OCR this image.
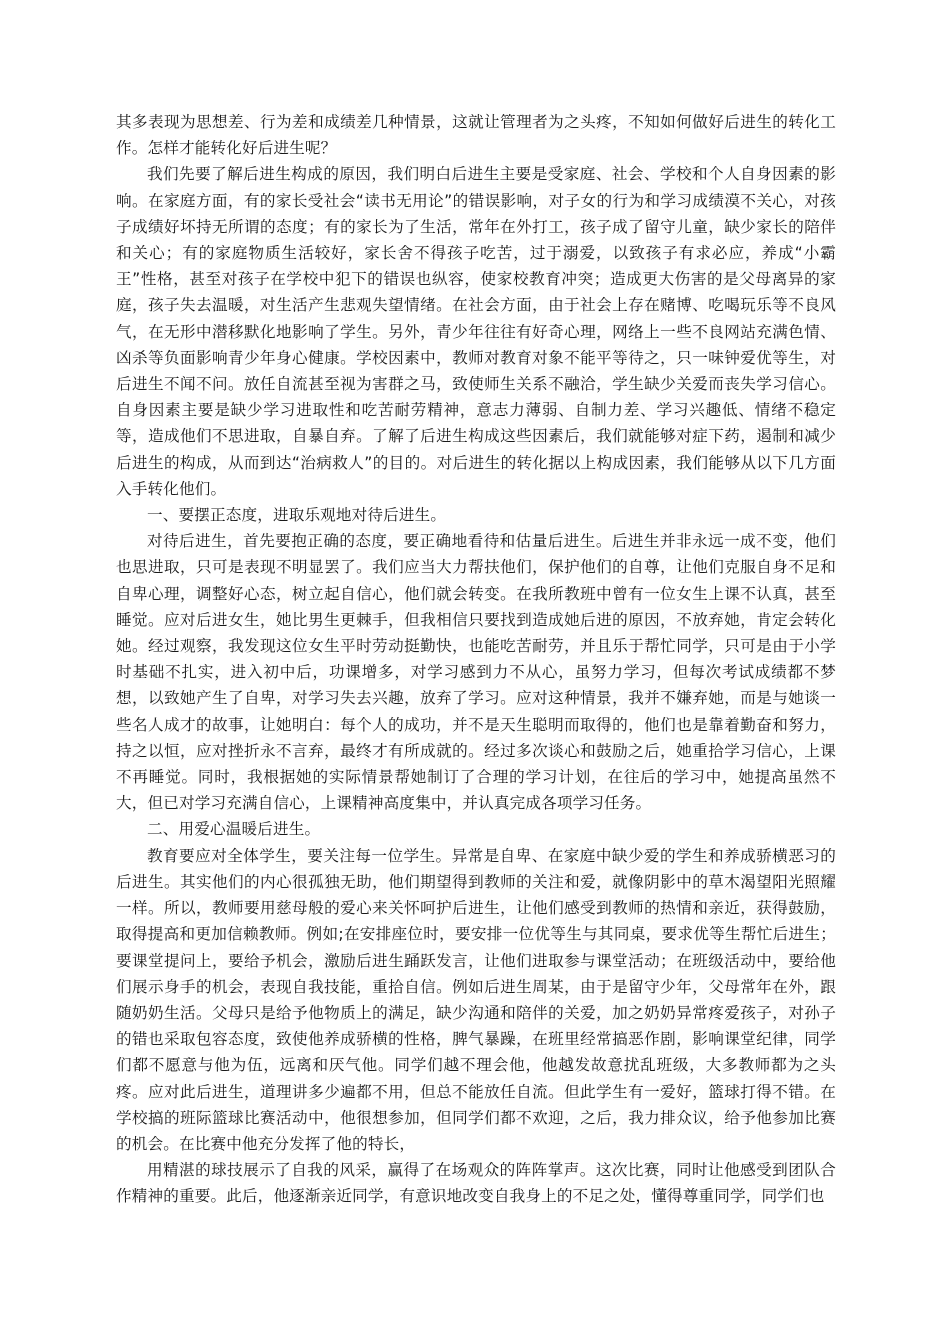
其多表现为思想差、行为差和成绩差几种情景，这就让管理者为之头疼，不知如何做好后进生的转化工作。怎样才能转化好后进生呢？

我们先要了解后进生构成的原因，我们明白后进生主要是受家庭、社会、学校和个人自身因素的影响。在家庭方面，有的家长受社会“读书无用论”的错误影响，对子女的行为和学习成绩漠不关心，对孩子成绩好坏持无所谓的态度；有的家长为了生活，常年在外打工，孩子成了留守儿童，缺少家长的陪伴和关心；有的家庭物质生活较好，家长舍不得孩子吃苦，过于溺爱，以致孩子有求必应，养成“小霸王”性格，甚至对孩子在学校中犯下的错误也纵容，使家校教育冲突；造成更大伤害的是父母离异的家庭，孩子失去温暖，对生活产生悲观失望情绪。在社会方面，由于社会上存在赌博、吃喝玩乐等不良风气，在无形中潜移默化地影响了学生。另外，青少年往往有好奇心理，网络上一些不良网站充满色情、凶杀等负面影响青少年身心健康。学校因素中，教师对教育对象不能平等待之，只一味钟爱优等生，对后进生不闻不问。放任自流甚至视为害群之马，致使师生关系不融洽，学生缺少关爱而丧失学习信心。自身因素主要是缺少学习进取性和吃苦耐劳精神，意志力薄弱、自制力差、学习兴趣低、情绪不稳定等，造成他们不思进取，自暴自弃。了解了后进生构成这些因素后，我们就能够对症下药，遏制和减少后进生的构成，从而到达“治病救人”的目的。对后进生的转化据以上构成因素，我们能够从以下几方面入手转化他们。

一、要摆正态度，进取乐观地对待后进生。

对待后进生，首先要抱正确的态度，要正确地看待和估量后进生。后进生并非永远一成不变，他们也思进取，只可是表现不明显罢了。我们应当大力帮扶他们，保护他们的自尊，让他们克服自身不足和自卑心理，调整好心态，树立起自信心，他们就会转变。在我所教班中曾有一位女生上课不认真，甚至睡觉。应对后进女生，她比男生更棘手，但我相信只要找到造成她后进的原因，不放弃她，肯定会转化她。经过观察，我发现这位女生平时劳动挺勤快，也能吃苦耐劳，并且乐于帮忙同学，只可是由于小学时基础不扎实，进入初中后，功课增多，对学习感到力不从心，虽努力学习，但每次考试成绩都不梦想，以致她产生了自卑，对学习失去兴趣，放弃了学习。应对这种情景，我并不嫌弃她，而是与她谈一些名人成才的故事，让她明白：每个人的成功，并不是天生聪明而取得的，他们也是靠着勤奋和努力，持之以恒，应对挫折永不言弃，最终才有所成就的。经过多次谈心和鼓励之后，她重拾学习信心，上课不再睡觉。同时，我根据她的实际情景帮她制订了合理的学习计划，在往后的学习中，她提高虽然不大，但已对学习充满自信心，上课精神高度集中，并认真完成各项学习任务。

二、用爱心温暖后进生。

教育要应对全体学生，要关注每一位学生。异常是自卑、在家庭中缺少爱的学生和养成骄横恶习的后进生。其实他们的内心很孤独无助，他们期望得到教师的关注和爱，就像阴影中的草木渴望阳光照耀一样。所以，教师要用慈母般的爱心来关怀呵护后进生，让他们感受到教师的热情和亲近，获得鼓励，取得提高和更加信赖教师。例如;在安排座位时，要安排一位优等生与其同桌，要求优等生帮忙后进生；要课堂提问上，要给予机会，激励后进生踊跃发言，让他们进取参与课堂活动；在班级活动中，要给他们展示身手的机会，表现自我技能，重拾自信。例如后进生周某，由于是留守少年，父母常年在外，跟随奶奶生活。父母只是给予他物质上的满足，缺少沟通和陪伴的关爱，加之奶奶异常疼爱孩子，对孙子的错也采取包容态度，致使他养成骄横的性格，脾气暴躁，在班里经常搞恶作剧，影响课堂纪律，同学们都不愿意与他为伍，远离和厌气他。同学们越不理会他，他越发故意扰乱班级，大多教师都为之头疼。应对此后进生，道理讲多少遍都不用，但总不能放任自流。但此学生有一爱好，篮球打得不错。在学校搞的班际篮球比赛活动中，他很想参加，但同学们都不欢迎，之后，我力排众议，给予他参加比赛的机会。在比赛中他充分发挥了他的特长，

用精湛的球技展示了自我的风采，赢得了在场观众的阵阵掌声。这次比赛，同时让他感受到团队合作精神的重要。此后，他逐渐亲近同学，有意识地改变自我身上的不足之处，懂得尊重同学，同学们也
